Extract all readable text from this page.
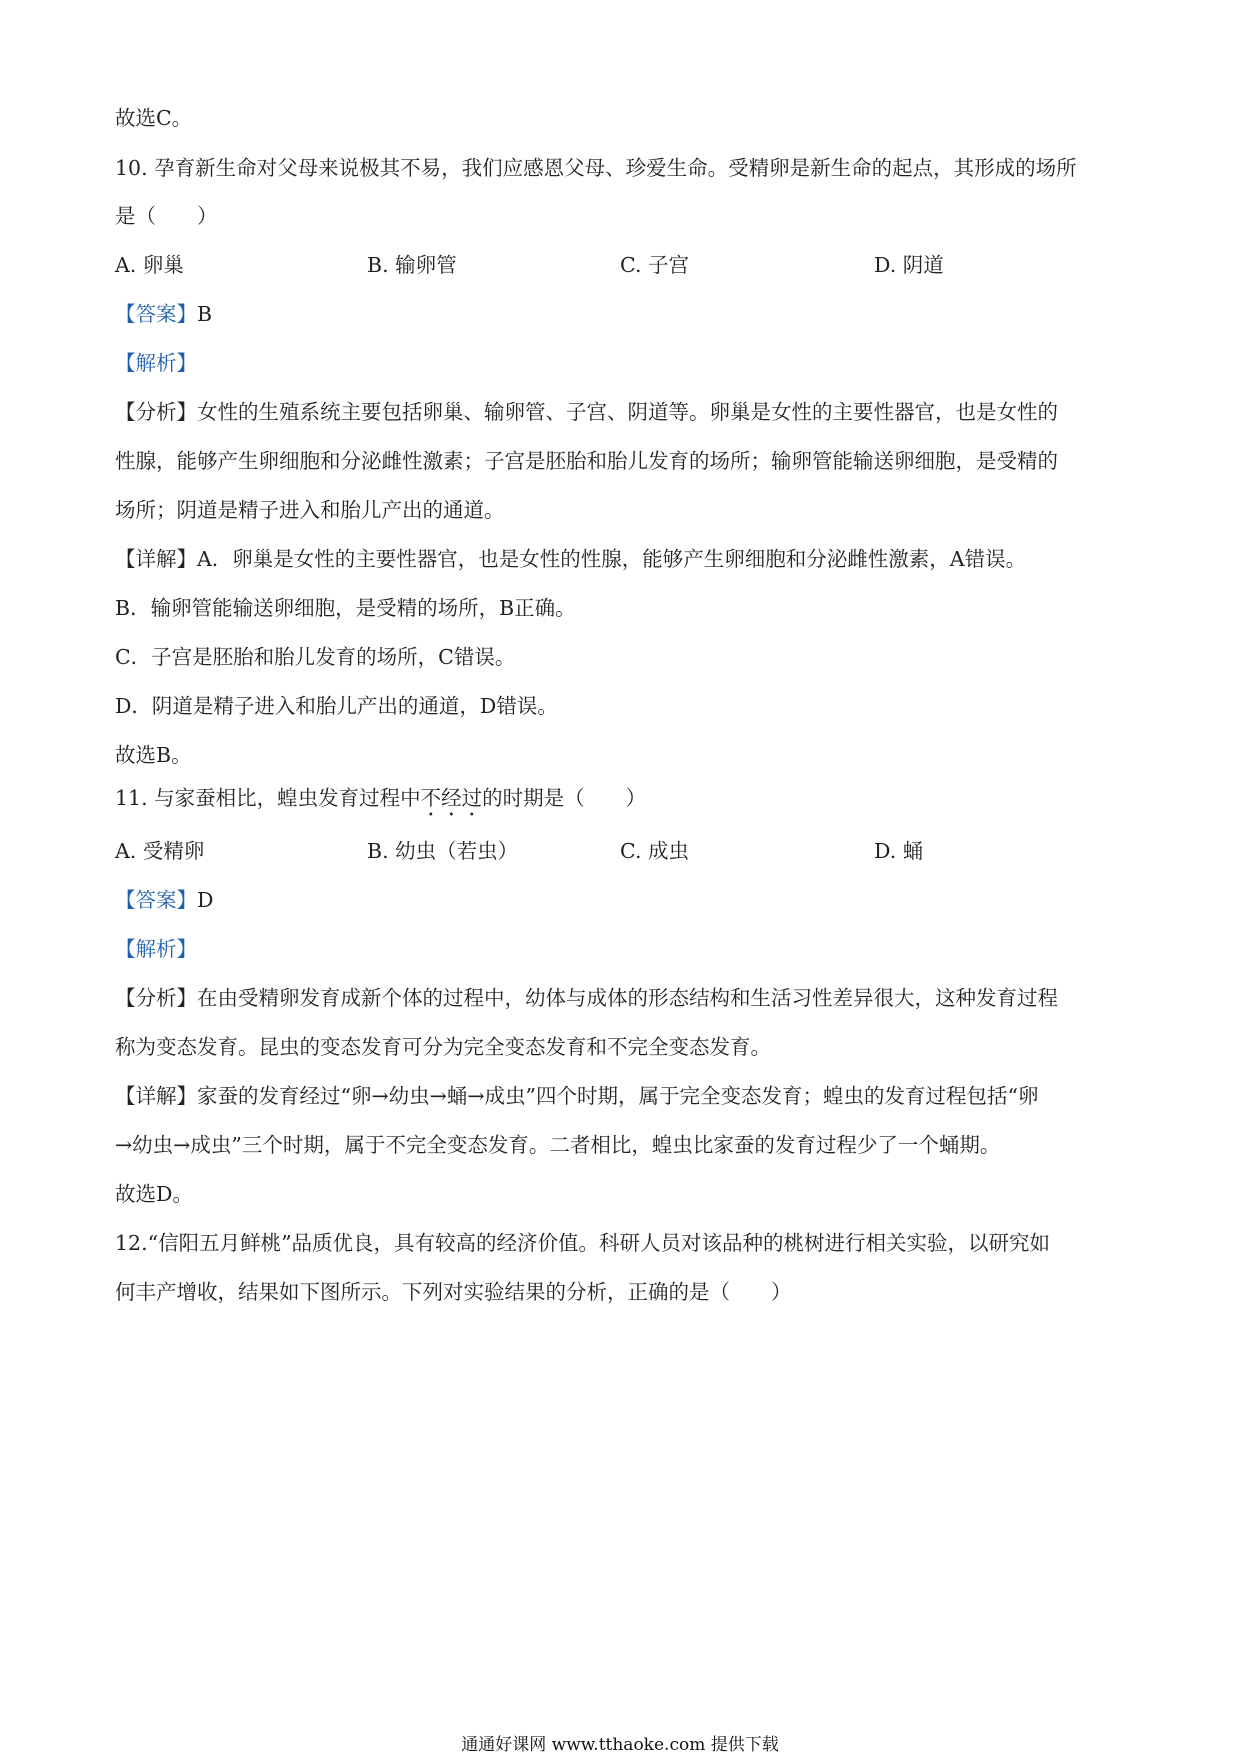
故选C。
10. 孕育新生命对父母来说极其不易，我们应感恩父母、珍爱生命。受精卵是新生命的起点，其形成的场所
是（　　）
A. 卵巢	B. 输卵管	C. 子宫	D. 阴道
【答案】B
【解析】
【分析】女性的生殖系统主要包括卵巢、输卵管、子宫、阴道等。卵巢是女性的主要性器官，也是女性的
性腺，能够产生卵细胞和分泌雌性激素；子宫是胚胎和胎儿发育的场所；输卵管能输送卵细胞，是受精的
场所；阴道是精子进入和胎儿产出的通道。
【详解】A．卵巢是女性的主要性器官，也是女性的性腺，能够产生卵细胞和分泌雌性激素，A错误。
B．输卵管能输送卵细胞，是受精的场所，B正确。
C．子宫是胚胎和胎儿发育的场所，C错误。
D．阴道是精子进入和胎儿产出的通道，D错误。
故选B。
11. 与家蚕相比，蝗虫发育过程中不经过的时期是（　　）
A. 受精卵	B. 幼虫（若虫）	C. 成虫	D. 蛹
【答案】D
【解析】
【分析】在由受精卵发育成新个体的过程中，幼体与成体的形态结构和生活习性差异很大，这种发育过程
称为变态发育。昆虫的变态发育可分为完全变态发育和不完全变态发育。
【详解】家蚕的发育经过“卵→幼虫→蛹→成虫”四个时期，属于完全变态发育；蝗虫的发育过程包括“卵
→幼虫→成虫”三个时期，属于不完全变态发育。二者相比，蝗虫比家蚕的发育过程少了一个蛹期。
故选D。
12.“信阳五月鲜桃”品质优良，具有较高的经济价值。科研人员对该品种的桃树进行相关实验，以研究如
何丰产增收，结果如下图所示。下列对实验结果的分析，正确的是（　　）
通通好课网 www.tthaoke.com 提供下载
